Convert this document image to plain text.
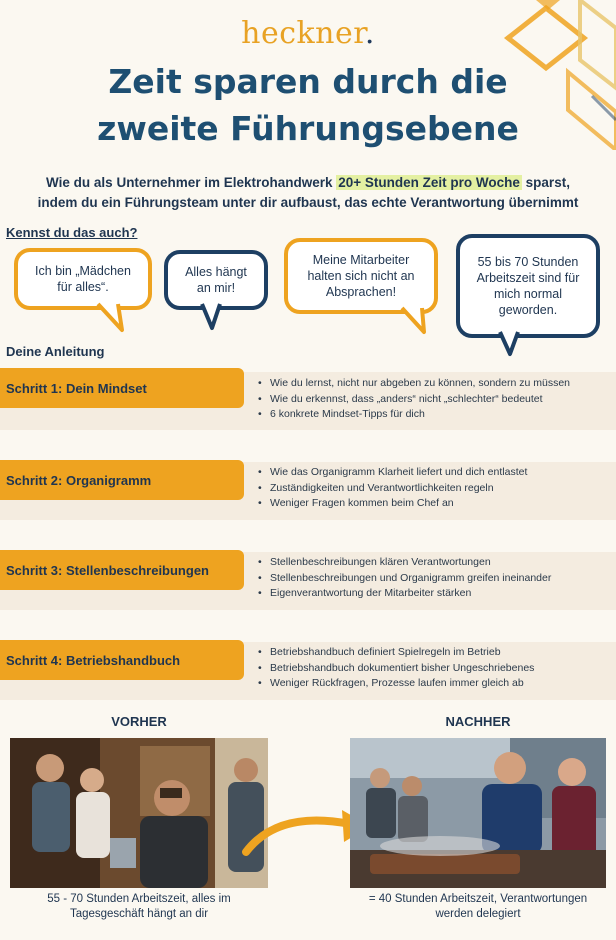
heckner.
Zeit sparen durch die
zweite Führungsebene
Wie du als Unternehmer im Elektrohandwerk 20+ Stunden Zeit pro Woche sparst,
indem du ein Führungsteam unter dir aufbaust, das echte Verantwortung übernimmt
Kennst du das auch?
Ich bin „Mädchen
für alles“.
Alles hängt
an mir!
Meine Mitarbeiter
halten sich nicht an
Absprachen!
55 bis 70 Stunden
Arbeitszeit sind für
mich normal
geworden.
Deine Anleitung
Schritt 1: Dein Mindset
•	Wie du lernst, nicht nur abgeben zu können, sondern zu müssen
• Wie du erkennst, dass „anders“ nicht „schlechter“ bedeutet
• 6 konkrete Mindset-Tipps für dich
Schritt 2: Organigramm
• Wie das Organigramm Klarheit liefert und dich entlastet
• Zuständigkeiten und Verantwortlichkeiten regeln
• Weniger Fragen kommen beim Chef an
Schritt 3: Stellenbeschreibungen
• Stellenbeschreibungen klären Verantwortungen
• Stellenbeschreibungen und Organigramm greifen ineinander
• Eigenverantwortung der Mitarbeiter stärken
Schritt 4: Betriebshandbuch
• Betriebshandbuch definiert Spielregeln im Betrieb
• Betriebshandbuch dokumentiert bisher Ungeschriebenes
• Weniger Rückfragen, Prozesse laufen immer gleich ab
VORHER	NACHHER
55 - 70 Stunden Arbeitszeit, alles im
Tagesgeschäft hängt an dir
= 40 Stunden Arbeitszeit, Verantwortungen
werden delegiert
